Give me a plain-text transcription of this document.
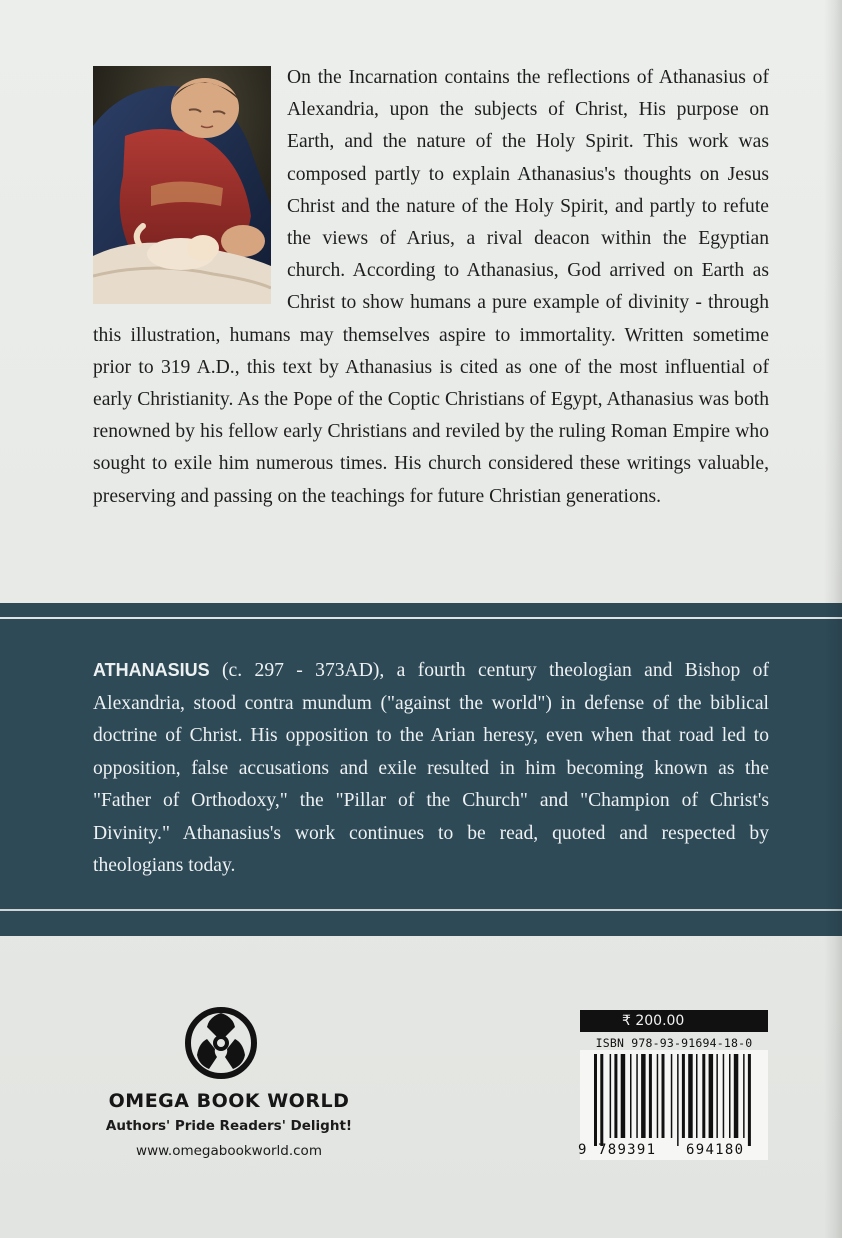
On the Incarnation contains the reflections of Athanasius of Alexandria, upon the subjects of Christ, His purpose on Earth, and the nature of the Holy Spirit. This work was composed partly to explain Athanasius's thoughts on Jesus Christ and the nature of the Holy Spirit, and partly to refute the views of Arius, a rival deacon within the Egyptian church. According to Athanasius, God arrived on Earth as Christ to show humans a pure example of divinity - through this illustration, humans may themselves aspire to immortality. Written sometime prior to 319 A.D., this text by Athanasius is cited as one of the most influential of early Christianity. As the Pope of the Coptic Christians of Egypt, Athanasius was both renowned by his fellow early Christians and reviled by the ruling Roman Empire who sought to exile him numerous times. His church considered these writings valuable, preserving and passing on the teachings for future Christian generations.

ATHANASIUS (c. 297 - 373AD), a fourth century theologian and Bishop of Alexandria, stood contra mundum ("against the world") in defense of the biblical doctrine of Christ. His opposition to the Arian heresy, even when that road led to opposition, false accusations and exile resulted in him becoming known as the "Father of Orthodoxy," the "Pillar of the Church" and "Champion of Christ's Divinity." Athanasius's work continues to be read, quoted and respected by theologians today.

OMEGA BOOK WORLD
Authors' Pride Readers' Delight!
www.omegabookworld.com
₹ 200.00
ISBN 978-93-91694-18-0
9 789391 694180
